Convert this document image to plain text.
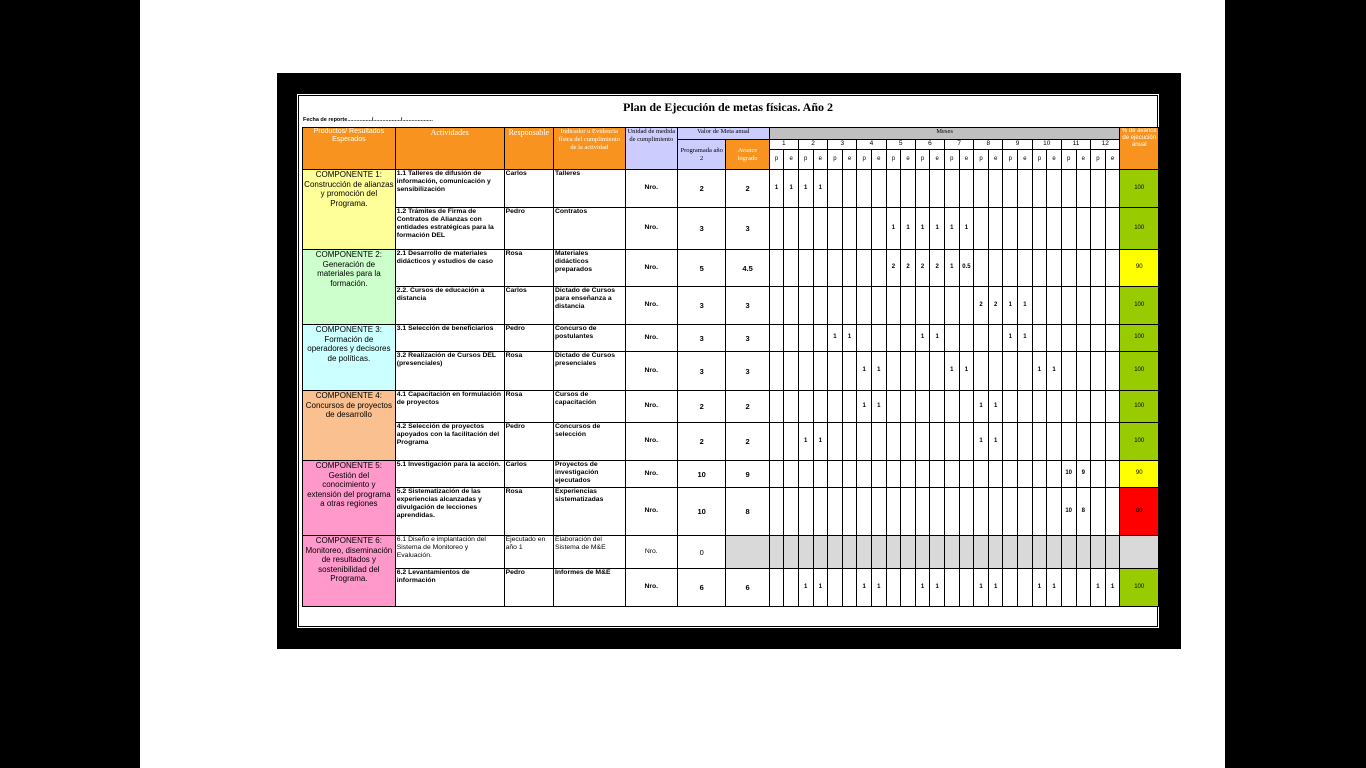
Plan de Ejecución de metas físicas. Año 2
Fecha de reporte................/................../....................
Productos/ Resultados Esperados	Actividades	Responsable	Indicador u Evidencia física del cumplimiento de la actividad	Unidad de medida de cumplimiento	Valor de Meta anual		Meses																								% de avance de ejecución anual
					Programada año 2	Avance logrado	1		2		3		4		5		6		7		8		9		10		11		12		
							p	e	p	e	p	e	p	e	p	e	p	e	p	e	p	e	p	e	p	e	p	e	p	e	
COMPONENTE 1: Construcción de alianzas y promoción del Programa.	1.1 Talleres de difusión de información, comunicación y sensibilización	Carlos	Talleres	Nro.	2	2	1	1	1	1																					100
	1.2 Trámites de Firma de Contratos de Alianzas con entidades estratégicas para la formación DEL	Pedro	Contratos	Nro.	3	3									1	1	1	1	1	1											100
COMPONENTE 2: Generación de materiales para la formación.	2.1 Desarrollo de materiales didácticos y estudios de caso	Rosa	Materiales didácticos preparados	Nro.	5	4.5									2	2	2	2	1	0.5											90
	2.2. Cursos de educación a distancia	Carlos	Dictado de Cursos para enseñanza a distancia	Nro.	3	3															2	2	1	1							100
COMPONENTE 3: Formación de operadores y decisores de políticas.	3.1 Selección de beneficiarios	Pedro	Concurso de postulantes	Nro.	3	3					1	1					1	1					1	1							100
	3.2 Realización de Cursos DEL (presenciales)	Rosa	Dictado de Cursos presenciales	Nro.	3	3							1	1					1	1					1	1					100
COMPONENTE 4: Concursos de proyectos de desarrollo	4.1 Capacitación en formulación de proyectos	Rosa	Cursos de capacitación	Nro.	2	2							1	1							1	1									100
	4.2 Selección de proyectos apoyados con la facilitación del Programa	Pedro	Concursos de selección	Nro.	2	2			1	1											1	1									100
COMPONENTE 5: Gestión del conocimiento y extensión del programa a otras regiones	5.1 Investigación para la acción.	Carlos	Proyectos de investigación ejecutados	Nro.	10	9																					10	9			90
	5.2 Sistematización de las experiencias alcanzadas y divulgación de lecciones aprendidas.	Rosa	Experiencias sistematizadas	Nro.	10	8																					10	8			80
COMPONENTE 6: Monitoreo, diseminación de resultados y sostenibilidad del Programa.	6.1 Diseño e implantación del Sistema de Monitoreo y Evaluación.	Ejecutado en año 1	Elaboración del Sistema de M&E	Nro.	0																										
	6.2 Levantamientos de información	Pedro	Informes de M&E	Nro.	6	6			1	1			1	1			1	1			1	1			1	1			1	1	100
